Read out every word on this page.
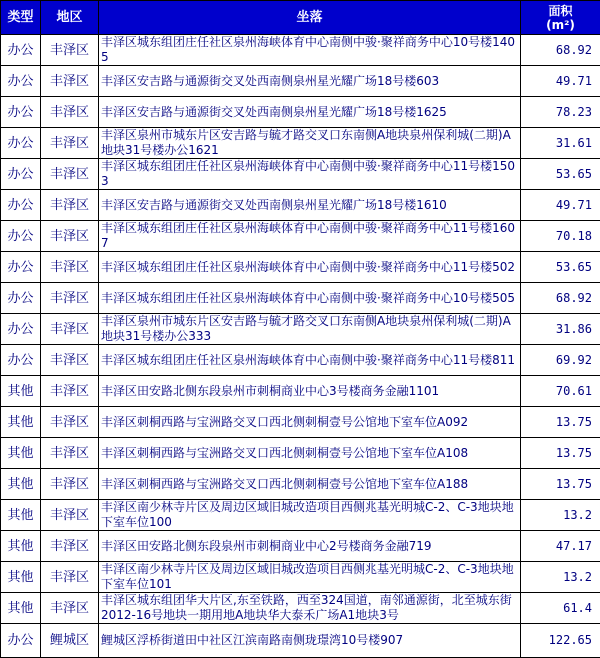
类型	地区	坐落	面积
(m²)
办公	丰泽区	丰泽区城东组团庄任社区泉州海峡体育中心南侧中骏·聚祥商务中心10号楼1405	68.92
办公	丰泽区	丰泽区安吉路与通源街交叉处西南侧泉州星光耀广场18号楼603	49.71
办公	丰泽区	丰泽区安吉路与通源街交叉处西南侧泉州星光耀广场18号楼1625	78.23
办公	丰泽区	丰泽区泉州市城东片区安吉路与毓才路交叉口东南侧A地块泉州保利城(二期)A地块31号楼办公1621	31.61
办公	丰泽区	丰泽区城东组团庄任社区泉州海峡体育中心南侧中骏·聚祥商务中心11号楼1503	53.65
办公	丰泽区	丰泽区安吉路与通源街交叉处西南侧泉州星光耀广场18号楼1610	49.71
办公	丰泽区	丰泽区城东组团庄任社区泉州海峡体育中心南侧中骏·聚祥商务中心11号楼1607	70.18
办公	丰泽区	丰泽区城东组团庄任社区泉州海峡体育中心南侧中骏·聚祥商务中心11号楼502	53.65
办公	丰泽区	丰泽区城东组团庄任社区泉州海峡体育中心南侧中骏·聚祥商务中心10号楼505	68.92
办公	丰泽区	丰泽区泉州市城东片区安吉路与毓才路交叉口东南侧A地块泉州保利城(二期)A地块31号楼办公333	31.86
办公	丰泽区	丰泽区城东组团庄任社区泉州海峡体育中心南侧中骏·聚祥商务中心11号楼811	69.92
其他	丰泽区	丰泽区田安路北侧东段泉州市刺桐商业中心3号楼商务金融1101	70.61
其他	丰泽区	丰泽区刺桐西路与宝洲路交叉口西北侧刺桐壹号公馆地下室车位A092	13.75
其他	丰泽区	丰泽区刺桐西路与宝洲路交叉口西北侧刺桐壹号公馆地下室车位A108	13.75
其他	丰泽区	丰泽区刺桐西路与宝洲路交叉口西北侧刺桐壹号公馆地下室车位A188	13.75
其他	丰泽区	丰泽区南少林寺片区及周边区域旧城改造项目西侧兆基光明城C-2、C-3地块地下室车位100	13.2
其他	丰泽区	丰泽区田安路北侧东段泉州市刺桐商业中心2号楼商务金融719	47.17
其他	丰泽区	丰泽区南少林寺片区及周边区域旧城改造项目西侧兆基光明城C-2、C-3地块地下室车位101	13.2
其他	丰泽区	丰泽区城东组团华大片区,东至铁路，西至324国道，南邻通源街，北至城东街2012-16号地块一期用地A地块华大泰禾广场A1地块3号	61.4
办公	鲤城区	鲤城区浮桥街道田中社区江滨南路南侧珑璟湾10号楼907	122.65
